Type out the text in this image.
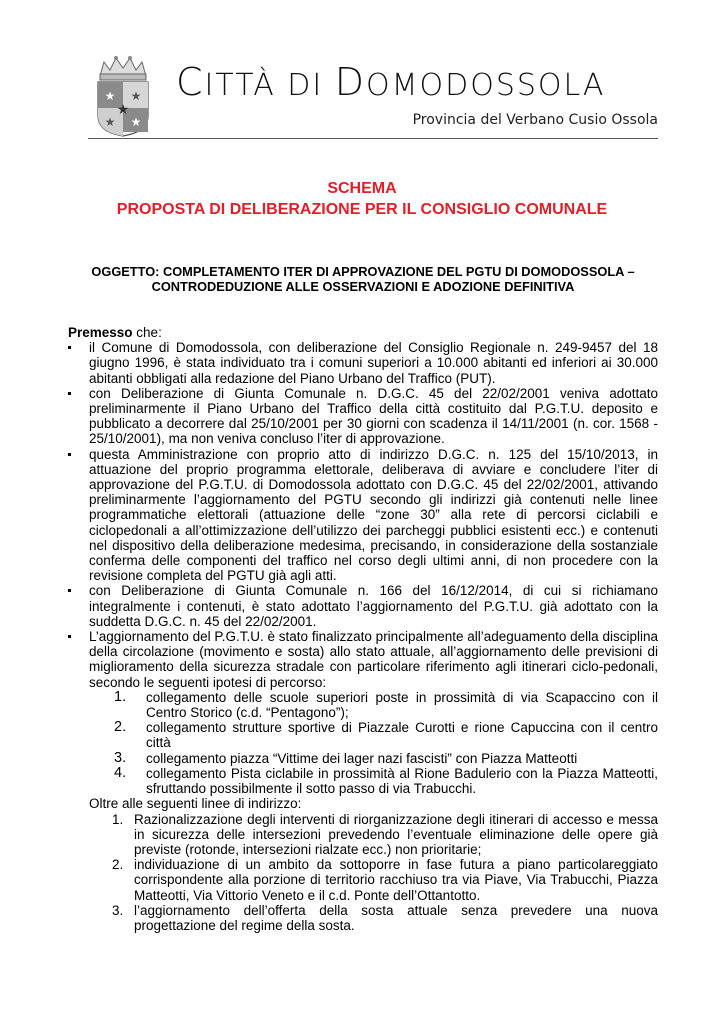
★ ★
★ ★
★
CITTÀ DI DOMODOSSOLA
Provincia del Verbano Cusio Ossola
SCHEMA
PROPOSTA DI DELIBERAZIONE PER IL CONSIGLIO COMUNALE
OGGETTO: COMPLETAMENTO ITER DI APPROVAZIONE DEL PGTU DI DOMODOSSOLA –
CONTRODEDUZIONE ALLE OSSERVAZIONI E ADOZIONE DEFINITIVA
Premesso che:
il Comune di Domodossola, con deliberazione del Consiglio Regionale n. 249-9457 del 18 giugno 1996, è stata individuato tra i comuni superiori a 10.000 abitanti ed inferiori ai 30.000 abitanti obbligati alla redazione del Piano Urbano del Traffico (PUT).
con Deliberazione di Giunta Comunale n. D.G.C. 45 del 22/02/2001 veniva adottato preliminarmente il Piano Urbano del Traffico della città costituito dal P.G.T.U. deposito e pubblicato a decorrere dal 25/10/2001 per 30 giorni con scadenza il 14/11/2001 (n. cor. 1568 - 25/10/2001), ma non veniva concluso l’iter di approvazione.
questa Amministrazione con proprio atto di indirizzo D.G.C. n. 125 del 15/10/2013, in attuazione del proprio programma elettorale, deliberava di avviare e concludere l’iter di approvazione del P.G.T.U. di Domodossola adottato con D.G.C. 45 del 22/02/2001, attivando preliminarmente l’aggiornamento del PGTU secondo gli indirizzi già contenuti nelle linee programmatiche elettorali (attuazione delle “zone 30” alla rete di percorsi ciclabili e ciclopedonali a all’ottimizzazione dell’utilizzo dei parcheggi pubblici esistenti ecc.) e contenuti nel dispositivo della deliberazione medesima, precisando, in considerazione della sostanziale conferma delle componenti del traffico nel corso degli ultimi anni, di non procedere con la revisione completa del PGTU già agli atti.
con Deliberazione di Giunta Comunale n. 166 del 16/12/2014, di cui si richiamano integralmente i contenuti, è stato adottato l’aggiornamento del P.G.T.U. già adottato con la suddetta D.G.C. n. 45 del 22/02/2001.
L’aggiornamento del P.G.T.U. è stato finalizzato principalmente all’adeguamento della disciplina della circolazione (movimento e sosta) allo stato attuale, all’aggiornamento delle previsioni di miglioramento della sicurezza stradale con particolare riferimento agli itinerari ciclo-pedonali, secondo le seguenti ipotesi di percorso:
1. collegamento delle scuole superiori poste in prossimità di via Scapaccino con il Centro Storico (c.d. “Pentagono”);
2. collegamento strutture sportive di Piazzale Curotti e rione Capuccina con il centro città
3. collegamento piazza “Vittime dei lager nazi fascisti” con Piazza Matteotti
4. collegamento Pista ciclabile in prossimità al Rione Badulerio con la Piazza Matteotti, sfruttando possibilmente il sotto passo di via Trabucchi.
Oltre alle seguenti linee di indirizzo:
1. Razionalizzazione degli interventi di riorganizzazione degli itinerari di accesso e messa in sicurezza delle intersezioni prevedendo l’eventuale eliminazione delle opere già previste (rotonde, intersezioni rialzate ecc.) non prioritarie;
2. individuazione di un ambito da sottoporre in fase futura a piano particolareggiato corrispondente alla porzione di territorio racchiuso tra via Piave, Via Trabucchi, Piazza Matteotti, Via Vittorio Veneto e il c.d. Ponte dell’Ottantotto.
3. l’aggiornamento dell’offerta della sosta attuale senza prevedere una nuova progettazione del regime della sosta.
